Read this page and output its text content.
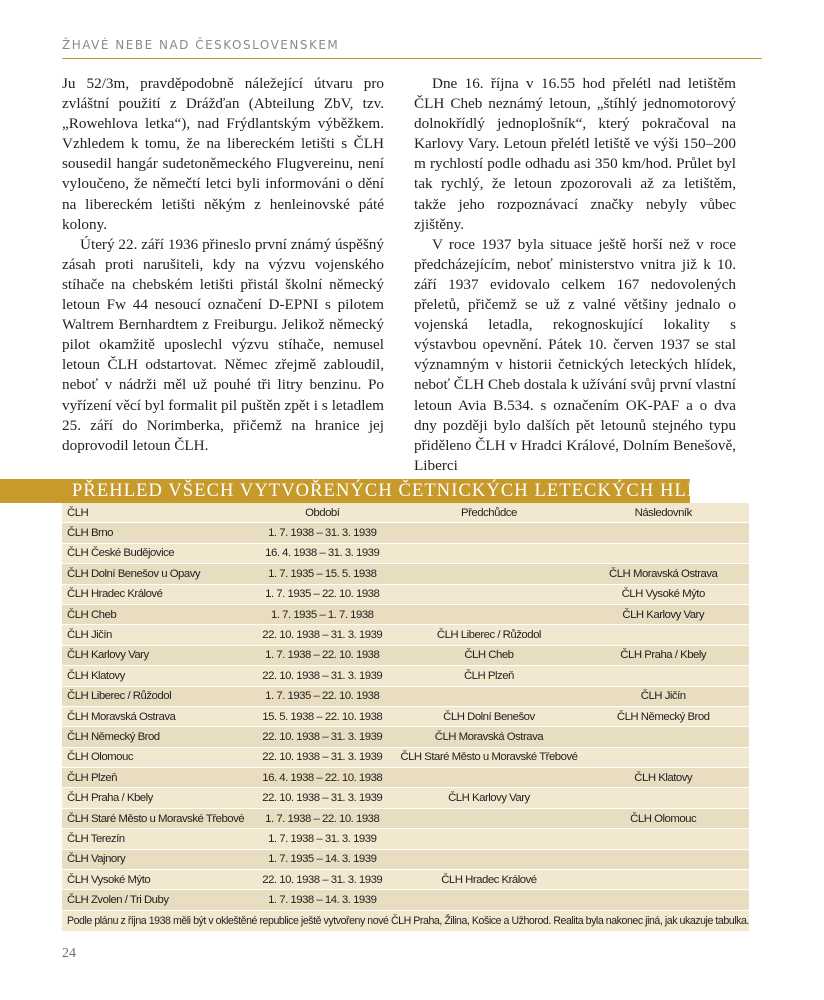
ŽHAVÉ NEBE NAD ČESKOSLOVENSKEM

Ju 52/3m, pravděpodobně náležející útvaru pro zvláštní použití z Drážďan (Abteilung ZbV, tzv. „Rowehlova letka“), nad Frýdlantským výběžkem. Vzhledem k tomu, že na libereckém letišti s ČLH sousedil hangár sudetoněmeckého Flugvereinu, není vyloučeno, že němečtí letci byli informováni o dění na libereckém letišti někým z henleinovské páté kolony.

Úterý 22. září 1936 přineslo první známý úspěšný zásah proti narušiteli, kdy na výzvu vojenského stíhače na chebském letišti přistál školní německý letoun Fw 44 nesoucí označení D-EPNI s pilotem Waltrem Bernhardtem z Freiburgu. Jelikož německý pilot okamžitě uposlechl výzvu stíhače, nemusel letoun ČLH odstartovat. Němec zřejmě zabloudil, neboť v nádrži měl už pouhé tři litry benzinu. Po vyřízení věcí byl formalit pil puštěn zpět i s letadlem 25. září do Norimberka, přičemž na hranice jej doprovodil letoun ČLH.

Dne 16. října v 16.55 hod přelétl nad letištěm ČLH Cheb neznámý letoun, „štíhlý jednomotorový dolnokřídlý jednoplošník“, který pokračoval na Karlovy Vary. Letoun přelétl letiště ve výši 150–200 m rychlostí podle odhadu asi 350 km/hod. Průlet byl tak rychlý, že letoun zpozorovali až za letištěm, takže jeho rozpoznávací značky nebyly vůbec zjištěny.

V roce 1937 byla situace ještě horší než v roce předcházejícím, neboť ministerstvo vnitra již k 10. září 1937 evidovalo celkem 167 nedovolených přeletů, přičemž se už z valné většiny jednalo o vojenská letadla, rekognoskující lokality s výstavbou opevnění. Pátek 10. červen 1937 se stal významným v historii četnických leteckých hlídek, neboť ČLH Cheb dostala k užívání svůj první vlastní letoun Avia B.534. s označením OK-PAF a o dva dny později bylo dalších pět letounů stejného typu přiděleno ČLH v Hradci Králové, Dolním Benešově, Liberci

PŘEHLED VŠECH VYTVOŘENÝCH ČETNICKÝCH LETECKÝCH HLÍDEK
ČLH	Období	Předchůdce	Následovník
ČLH Brno	1. 7. 1938 – 31. 3. 1939		
ČLH České Budějovice	16. 4. 1938 – 31. 3. 1939		
ČLH Dolní Benešov u Opavy	1. 7. 1935 – 15. 5. 1938		ČLH Moravská Ostrava
ČLH Hradec Králové	1. 7. 1935 – 22. 10. 1938		ČLH Vysoké Mýto
ČLH Cheb	1. 7. 1935 – 1. 7. 1938		ČLH Karlovy Vary
ČLH Jičín	22. 10. 1938 – 31. 3. 1939	ČLH Liberec / Růžodol	
ČLH Karlovy Vary	1. 7. 1938 – 22. 10. 1938	ČLH Cheb	ČLH Praha / Kbely
ČLH Klatovy	22. 10. 1938 – 31. 3. 1939	ČLH Plzeň	
ČLH Liberec / Růžodol	1. 7. 1935 – 22. 10. 1938		ČLH Jičín
ČLH Moravská Ostrava	15. 5. 1938 – 22. 10. 1938	ČLH Dolní Benešov	ČLH Německý Brod
ČLH Německý Brod	22. 10. 1938 – 31. 3. 1939	ČLH Moravská Ostrava	
ČLH Olomouc	22. 10. 1938 – 31. 3. 1939	ČLH Staré Město u Moravské Třebové	
ČLH Plzeň	16. 4. 1938 – 22. 10. 1938		ČLH Klatovy
ČLH Praha / Kbely	22. 10. 1938 – 31. 3. 1939	ČLH Karlovy Vary	
ČLH Staré Město u Moravské Třebové	1. 7. 1938 – 22. 10. 1938		ČLH Olomouc
ČLH Terezín	1. 7. 1938 – 31. 3. 1939		
ČLH Vajnory	1. 7. 1935 – 14. 3. 1939		
ČLH Vysoké Mýto	22. 10. 1938 – 31. 3. 1939	ČLH Hradec Králové	
ČLH Zvolen / Tri Duby	1. 7. 1938 – 14. 3. 1939		
Podle plánu z října 1938 měli být v okleštěné republice ještě vytvořeny nové ČLH Praha, Žilina, Košice a Užhorod. Realita byla nakonec jiná, jak ukazuje tabulka.			
24
